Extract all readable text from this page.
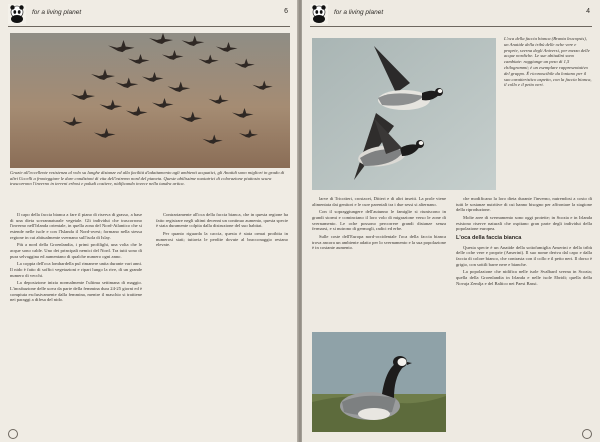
for a living planet	6
Grazie all'eccellente resistenza al volo su lunghe distanze ed alla facilità d'adattamento agli ambienti acquatici, gli Anatidi sono migliori in grado di altri Uccelli a fronteggiare le dure condizioni di vita dell'estremo nord del pianeta. Queste abilissime nuotatrici di colorazione piuttosto scura trascorrono l'inverno in terreni erbosi e paludi costiere, nidificando invece nella tundra artica.

Il capo della faccia bianca a fare il piano di riserva di grasso, a base di una dieta sovrannaturale vegetale. Gli individui che trascorrono l'inverno nell'Irlanda orientale, in quella zona del Nord-Atlantico che si estende nelle isole e con l'Islanda il Nord-ovest; formano nella stessa regione in cui abitualmente svernano sull'isola di Islay.

Più a nord della Groenlandia, i primi profilighi, una volta che le acque sono calde. Uno dei principali nemici del Nord. Tra tutti sono di pura selvaggina ed aumentano di qualche numero ogni anno.

La coppia dell'oca lombardella pul rimanere unita durante vari anni. Il nido è fatto di soffici vegetazioni e ripari lungo la rive, di un grande numero di vecchi.

La deposizione inizia normalmente l'ultima settimana di maggio. L'incubazione delle uova da parte della femmina dura 24-25 giorni ed è compiuta esclusivamente dalla femmina, mentre il maschio si trattiene nei paraggi a difesa del nido.

Contrariamente all'oca della faccia bianca, che in questa regione ha fatto registrare negli ultimi decenni un continuo aumento, questa specie è stata duramente colpita dalla distruzione del suo habitat.

Per quanto riguarda la caccia, questa è stata ormai proibita in numerosi stati; tuttavia le perdite dovute al bracconaggio restano elevate.

for a living planet	4
L'oca della faccia bianca (Branta leucopsis), un Anatide della tribù delle oche vere e proprie, sverna degli Aniversi, per mezzo delle acque nordiche. Le sue abitudini sono cambiate: raggiunge un peso di 1,5 chilogrammi; è un esemplare rappresentativo del gruppo. È riconoscibile da lontano per il suo caratteristico aspetto, con la faccia bianca, il collo e il petto neri.

larve di Tricotteri, crostacei, Ditteri e di altri insetti. La prole viene alimentata dai genitori e le cure parentali tra i due sessi si alternano.

Con il sopraggiungere dell'autunno le famiglie si riuniscono in grandi stormi e cominciano il loro volo di migrazione verso le zone di svernamento. Le oche possono percorrere grandi distanze senza fermarsi, e si nutrono di germogli, radici ed erbe.

Sulle coste dell'Europa nord-occidentale l'oca della faccia bianca trova ancora un ambiente adatto per lo svernamento e la sua popolazione è in costante aumento.

che modificano la loro dieta durante l'inverno, nutrendosi a costo di tutti le sostanze nutritive di cui hanno bisogno per affrontare la stagione della riproduzione.

Molte aree di svernamento sono oggi protette; in Scozia e in Irlanda esistono riserve naturali che ospitano gran parte degli individui della popolazione europea.

L'oca della faccia bianca

Questa specie è un Anatide della sottofamiglia Anserini e della tribù delle oche vere e proprie (Anserini). Il suo nome deriva dal capo e dalla faccia di colore bianco, che contrasta con il collo e il petto neri. Il dorso è grigio, con sottili barre nere e bianche.

La popolazione che nidifica nelle isole Svalbard sverna in Scozia; quella della Groenlandia in Irlanda e nelle isole Ebridi; quella della Novaja Zemlja e del Baltico nei Paesi Bassi.
